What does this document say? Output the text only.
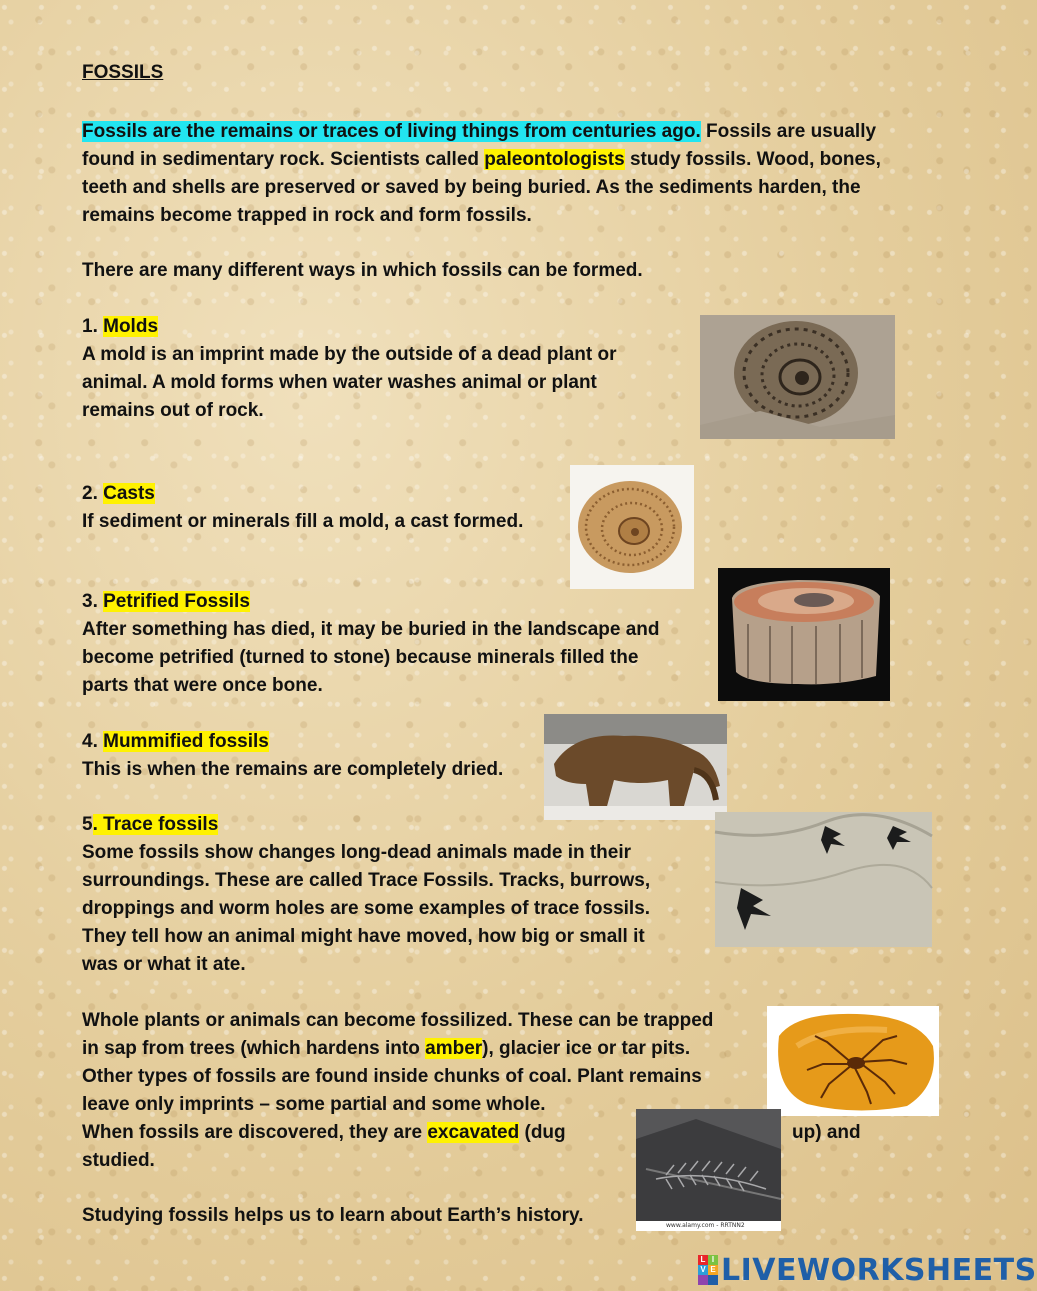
FOSSILS
Fossils are the remains or traces of living things from centuries ago. Fossils are usually
found in sedimentary rock. Scientists called paleontologists study fossils. Wood, bones,
teeth and shells are preserved or saved by being buried. As the sediments harden, the
remains become trapped in rock and form fossils.
There are many different ways in which fossils can be formed.
1. Molds
A mold is an imprint made by the outside of a dead plant or
animal. A mold forms when water washes animal or plant
remains out of rock.
2. Casts
If sediment or minerals fill a mold, a cast formed.
3. Petrified Fossils
After something has died, it may be buried in the landscape and
become petrified (turned to stone) because minerals filled the
parts that were once bone.
4. Mummified fossils
This is when the remains are completely dried.
5. Trace fossils
Some fossils show changes long-dead animals made in their
surroundings. These are called Trace Fossils. Tracks, burrows,
droppings and worm holes are some examples of trace fossils.
They tell how an animal might have moved, how big or small it
was or what it ate.
Whole plants or animals can become fossilized. These can be trapped
in sap from trees (which hardens into amber), glacier ice or tar pits.
Other types of fossils are found inside chunks of coal. Plant remains
leave only imprints – some partial and some whole.
When fossils are discovered, they are excavated (dug	up) and
studied.
www.alamy.com - RRTNN2
Studying fossils helps us to learn about Earth’s history.
L I
V E LIVEWORKSHEETS
